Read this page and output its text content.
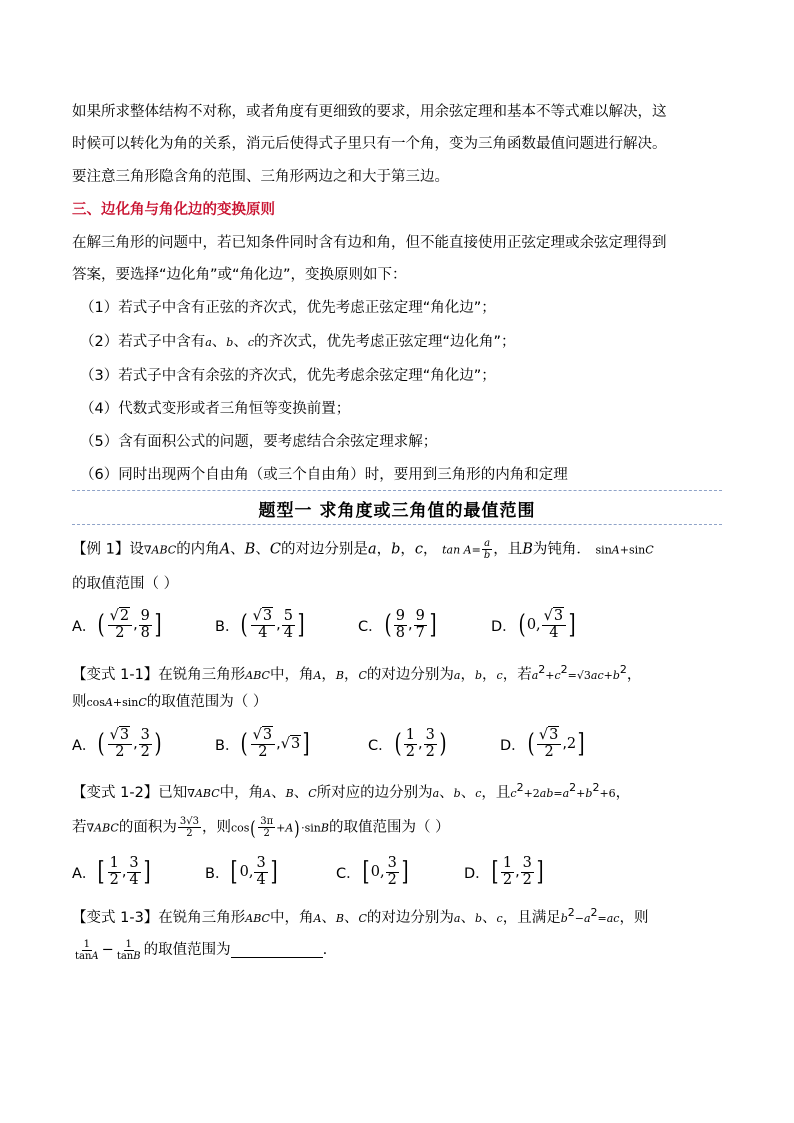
如果所求整体结构不对称，或者角度有更细致的要求，用余弦定理和基本不等式难以解决，这
时候可以转化为角的关系，消元后使得式子里只有一个角，变为三角函数最值问题进行解决。
要注意三角形隐含角的范围、三角形两边之和大于第三边。
三、边化角与角化边的变换原则
在解三角形的问题中，若已知条件同时含有边和角，但不能直接使用正弦定理或余弦定理得到
答案，要选择“边化角”或“角化边”，变换原则如下：
（1）若式子中含有正弦的齐次式，优先考虑正弦定理“角化边”；
（2）若式子中含有a、b、c的齐次式，优先考虑正弦定理“边化角”；
（3）若式子中含有余弦的齐次式，优先考虑余弦定理“角化边”；
（4）代数式变形或者三角恒等变换前置；
（5）含有面积公式的问题，要考虑结合余弦定理求解；
（6）同时出现两个自由角（或三个自由角）时，要用到三角形的内角和定理
题型一 求角度或三角值的最值范围
【例 1】设∇ABC的内角A、B、C的对边分别是a，b，c， $\tan A= \frac{a}{b}$ ，且B为钝角． sinA+sinC
的取值范围（ ）
A． ( $\frac{√2}{2}$ , $\frac{9}{8}$ ]	B． ( $\frac{√3}{4}$ , $\frac{5}{4}$ ]	C． ( $\frac{9}{8}$ , $\frac{9}{7}$ ]	D． ( 0, $\frac{√3}{4}$ ]
【变式 1-1】在锐角三角形ABC中，角A，B，C的对边分别为a，b，c，若$a^2+c^2=√3ac+b^2$，
则cosA+sinC的取值范围为（ ）
A． ( $\frac{√3}{2}$ , $\frac{3}{2}$ )	B． ( $\frac{√3}{2}$ , √3 ]	C． ( $\frac{1}{2}$ , $\frac{3}{2}$ )	D． ( $\frac{√3}{2}$ , 2 ]
【变式 1-2】已知∇ABC中，角A、B、C所对应的边分别为a、b、c，且$c^2+2ab=a^2+b^2+6$，
若∇ABC的面积为 $\frac{3√3}{2}$ ，则$\cos( \frac{3\pi}{2} +A)\cdot\sin B$的取值范围为（ ）
A． [ $\frac{1}{2}$ , $\frac{3}{4}$ ]	B． [ 0, $\frac{3}{4}$ ]	C． [ 0, $\frac{3}{2}$ ]	D． [ $\frac{1}{2}$ , $\frac{3}{2}$ ]
【变式 1-3】在锐角三角形ABC中，角A、B、C的对边分别为a、b、c，且满足$b^2-a^2=ac$，则
$\frac{1}{\tan A} - \frac{1}{\tan B}$ 的取值范围为	.
